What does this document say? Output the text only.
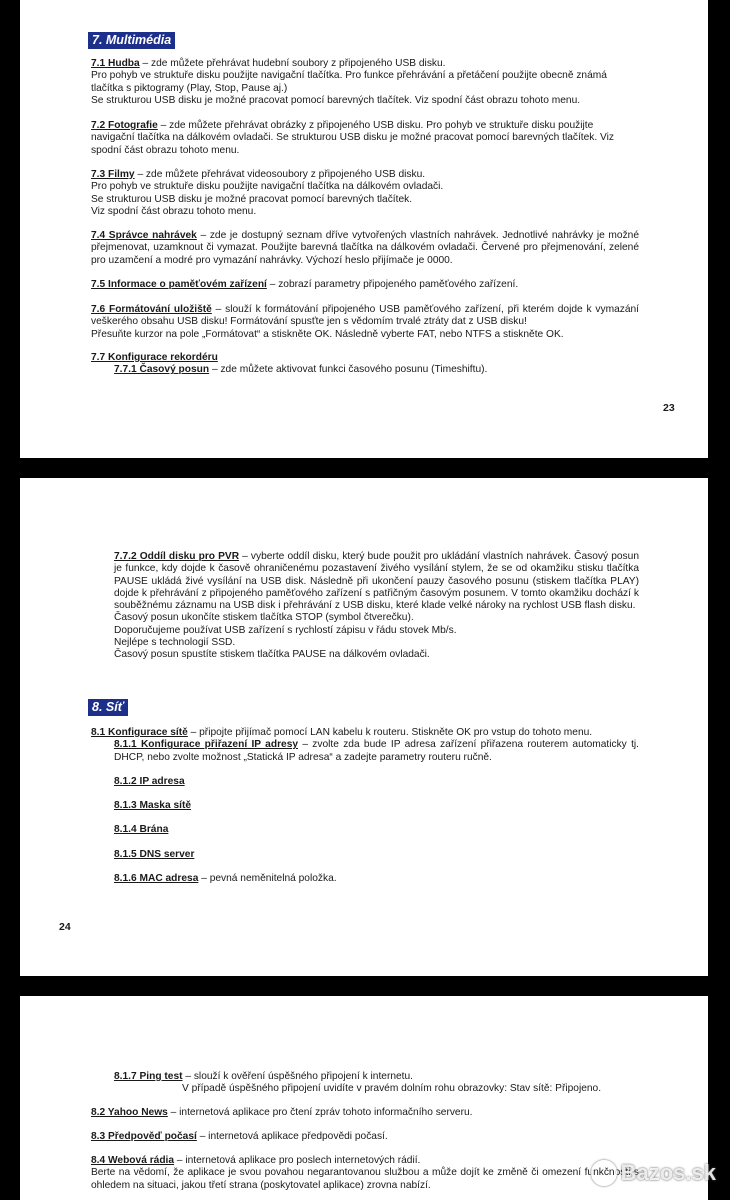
7. Multimédia

7.1 Hudba – zde můžete přehrávat hudební soubory z připojeného USB disku.

Pro pohyb ve struktuře disku použijte navigační tlačítka. Pro funkce přehrávání a přetáčení použijte obecně známá tlačítka s piktogramy (Play, Stop, Pause aj.)

Se strukturou USB disku je možné pracovat pomocí barevných tlačítek. Viz spodní část obrazu tohoto menu.

7.2 Fotografie – zde můžete přehrávat obrázky z připojeného USB disku. Pro pohyb ve struktuře disku použijte navigační tlačítka na dálkovém ovladači. Se strukturou USB disku je možné pracovat pomocí barevných tlačítek. Viz spodní část obrazu tohoto menu.

7.3 Filmy – zde můžete přehrávat videosoubory z připojeného USB disku.

Pro pohyb ve struktuře disku použijte navigační tlačítka na dálkovém ovladači.

Se strukturou USB disku je možné pracovat pomocí barevných tlačítek.

Viz spodní část obrazu tohoto menu.

7.4 Správce nahrávek – zde je dostupný seznam dříve vytvořených vlastních nahrávek. Jednotlivé nahrávky je možné přejmenovat, uzamknout či vymazat. Použijte barevná tlačítka na dálkovém ovladači. Červené pro přejmenování, zelené pro uzamčení a modré pro vymazání nahrávky. Výchozí heslo přijímače je 0000.

7.5 Informace o paměťovém zařízení – zobrazí parametry připojeného paměťového zařízení.

7.6 Formátování uložiště – slouží k formátování připojeného USB paměťového zařízení, při kterém dojde k vymazání veškerého obsahu USB disku! Formátování spusťte jen s vědomím trvalé ztráty dat z USB disku!

Přesuňte kurzor na pole „Formátovat“ a stiskněte OK. Následně vyberte FAT, nebo NTFS a stiskněte OK.

7.7 Konfigurace rekordéru

7.7.1 Časový posun – zde můžete aktivovat funkci časového posunu (Timeshiftu).

23

7.7.2 Oddíl disku pro PVR – vyberte oddíl disku, který bude použit pro ukládání vlastních nahrávek. Časový posun je funkce, kdy dojde k časově ohraničenému pozastavení živého vysílání stylem, že se od okamžiku stisku tlačítka PAUSE ukládá živé vysílání na USB disk. Následně při ukončení pauzy časového posunu (stiskem tlačítka PLAY) dojde k přehrávání z připojeného paměťového zařízení s patřičným časovým posunem. V tomto okamžiku dochází k souběžnému záznamu na USB disk i přehrávání z USB disku, které klade velké nároky na rychlost USB flash disku.

Časový posun ukončíte stiskem tlačítka STOP (symbol čtverečku).

Doporučujeme používat USB zařízení s rychlostí zápisu v řádu stovek Mb/s.

Nejlépe s technologií SSD.

Časový posun spustíte stiskem tlačítka PAUSE na dálkovém ovladači.

8. Síť

8.1 Konfigurace sítě – připojte přijímač pomocí LAN kabelu k routeru. Stiskněte OK pro vstup do tohoto menu.

8.1.1 Konfigurace přiřazení IP adresy – zvolte zda bude IP adresa zařízení přiřazena routerem automaticky tj. DHCP, nebo zvolte možnost „Statická IP adresa“ a zadejte parametry routeru ručně.

8.1.2 IP adresa
8.1.3 Maska sítě
8.1.4 Brána
8.1.5 DNS server
8.1.6 MAC adresa – pevná neměnitelná položka.
24

8.1.7 Ping test – slouží k ověření úspěšného připojení k internetu.

V případě úspěšného připojení uvidíte v pravém dolním rohu obrazovky: Stav sítě: Připojeno.

8.2 Yahoo News – internetová aplikace pro čtení zpráv tohoto informačního serveru.

8.3 Předpověď počasí – internetová aplikace předpovědi počasí.

8.4 Webová rádia – internetová aplikace pro poslech internetových rádií.

Berte na vědomí, že aplikace je svou povahou negarantovanou službou a může dojít ke změně či omezení funkčnosti s ohledem na situaci, jakou třetí strana (poskytovatel aplikace) zrovna nabízí.

Bazos.sk
